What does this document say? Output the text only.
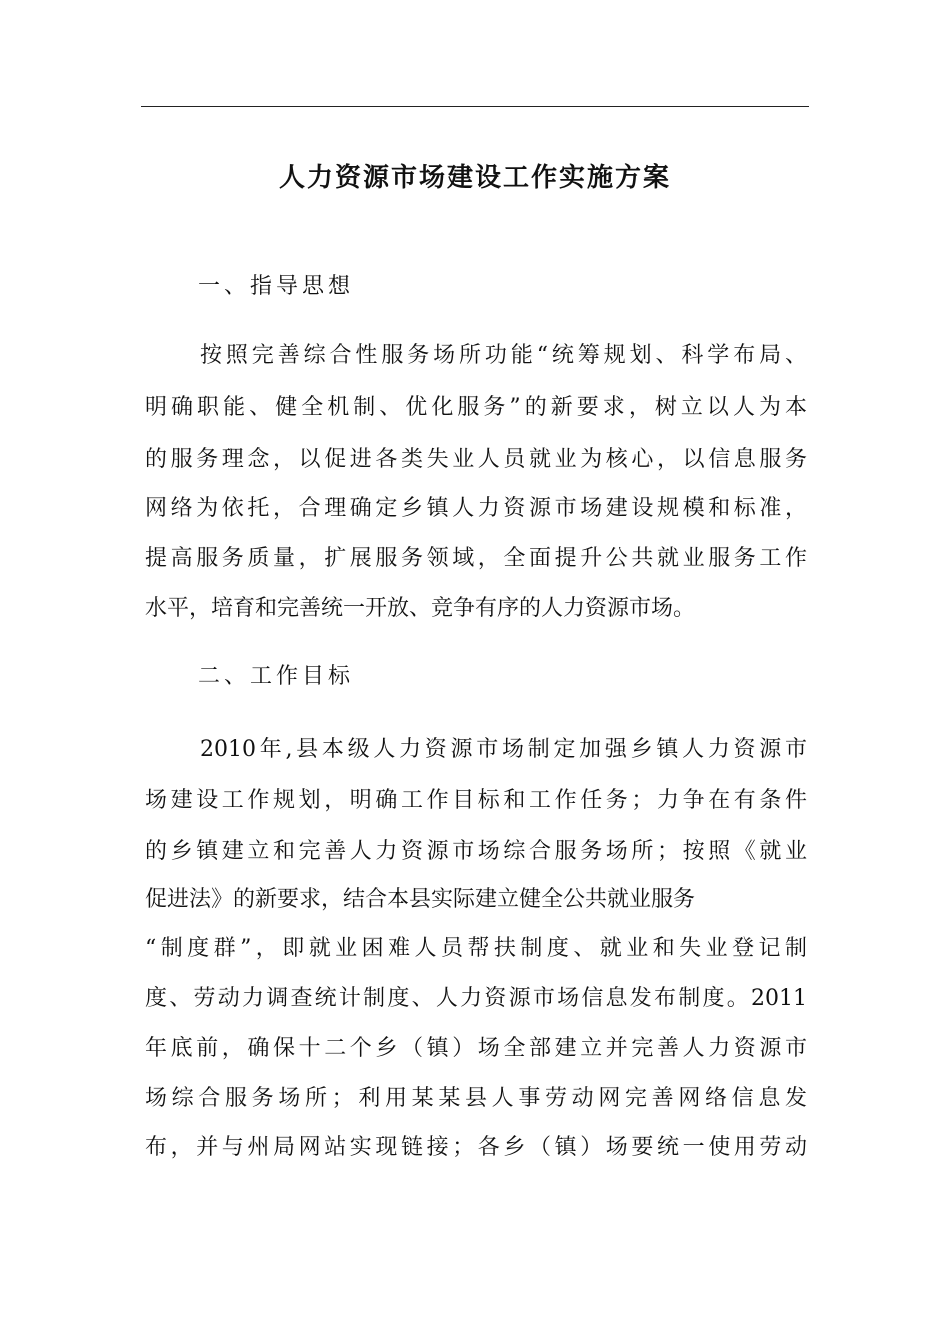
人力资源市场建设工作实施方案
一、指导思想
按照完善综合性服务场所功能“统筹规划、科学布局、
明确职能、健全机制、优化服务”的新要求，树立以人为本
的服务理念，以促进各类失业人员就业为核心，以信息服务
网络为依托，合理确定乡镇人力资源市场建设规模和标准，
提高服务质量，扩展服务领域，全面提升公共就业服务工作
水平，培育和完善统一开放、竞争有序的人力资源市场。
二、工作目标
2010年,县本级人力资源市场制定加强乡镇人力资源市
场建设工作规划，明确工作目标和工作任务；力争在有条件
的乡镇建立和完善人力资源市场综合服务场所；按照《就业
促进法》的新要求，结合本县实际建立健全公共就业服务
“制度群”，即就业困难人员帮扶制度、就业和失业登记制
度、劳动力调查统计制度、人力资源市场信息发布制度。2011
年底前，确保十二个乡（镇）场全部建立并完善人力资源市
场综合服务场所；利用某某县人事劳动网完善网络信息发
布，并与州局网站实现链接；各乡（镇）场要统一使用劳动
